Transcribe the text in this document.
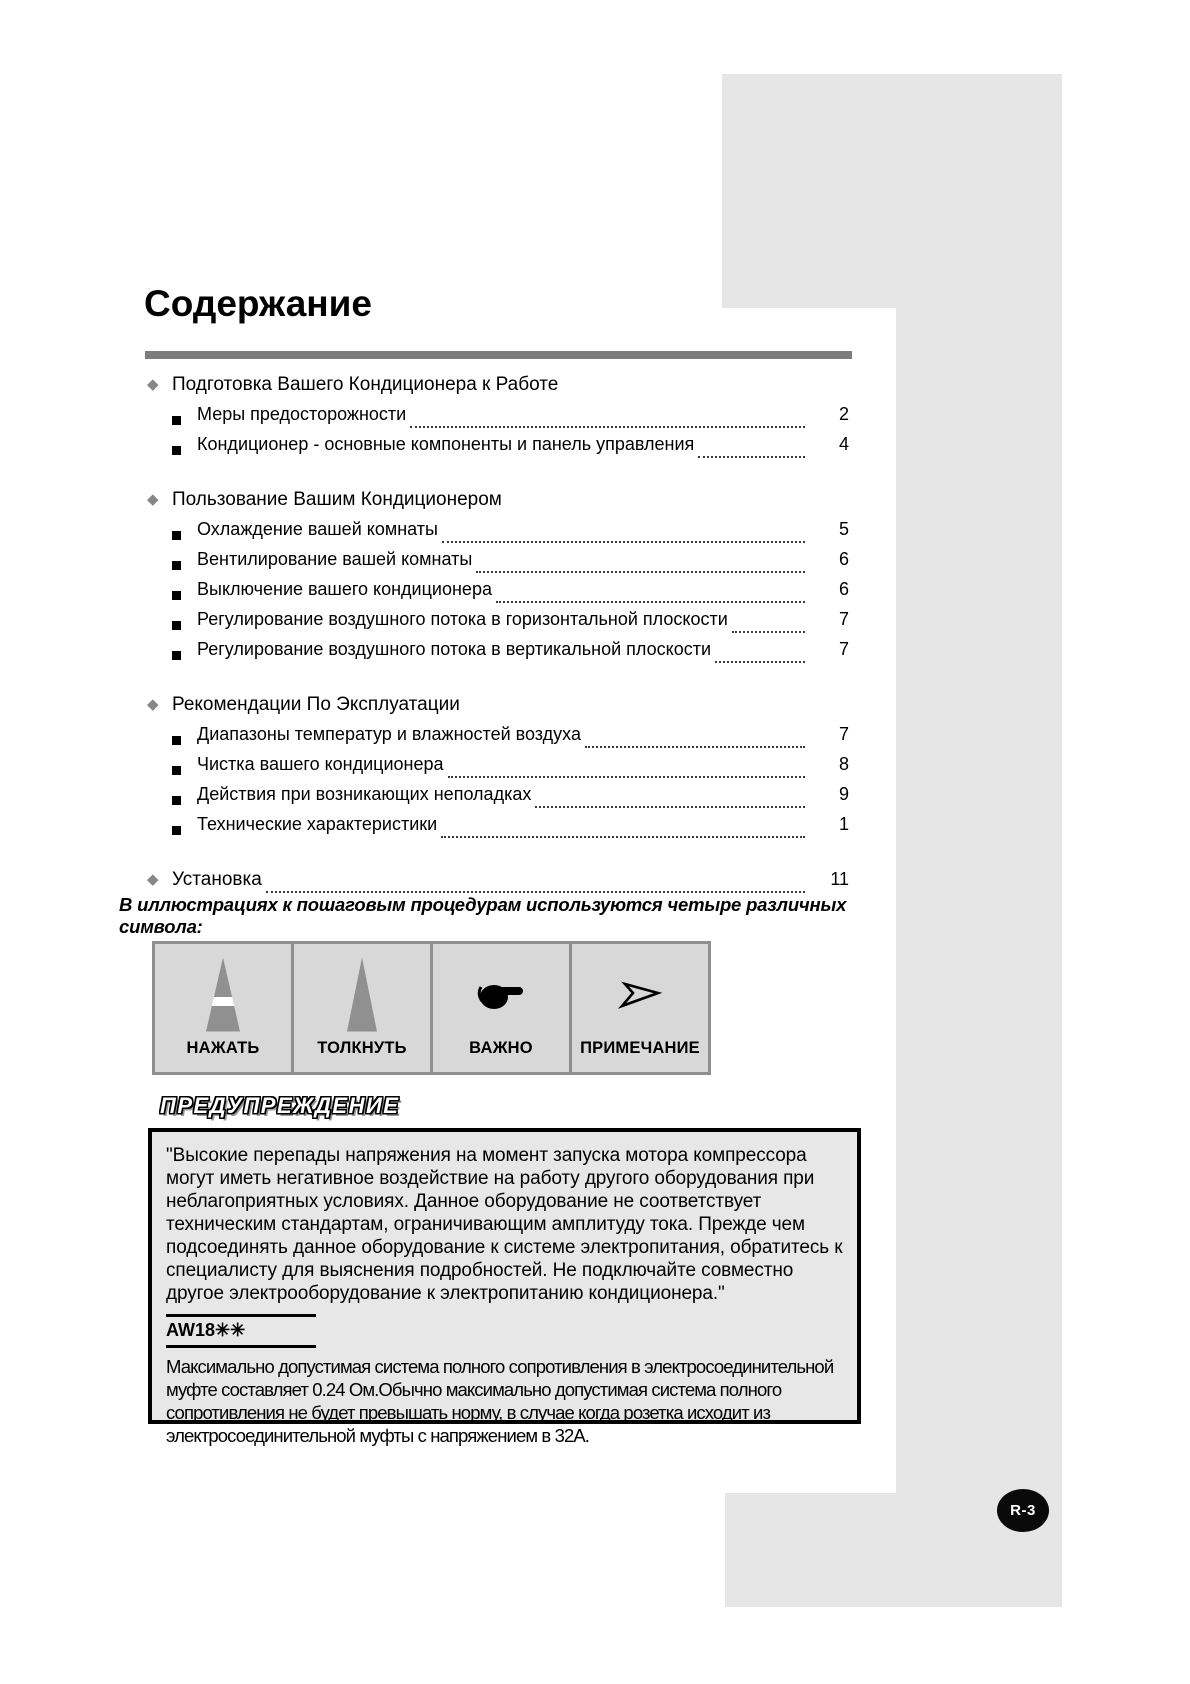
Содержание
◆ Подготовка Вашего Кондиционера к Работе
Меры предосторожности	2
Кондиционер - основные компоненты и панель управления	4
◆ Пользование Вашим Кондиционером
Охлаждение вашей комнаты	5
Вентилирование вашей комнаты	6
Выключение вашего кондиционера	6
Регулирование воздушного потока в горизонтальной плоскости	7
Регулирование воздушного потока в вертикальной плоскости	7
◆ Рекомендации По Эксплуатации
Диапазоны температур и влажностей воздуха	7
Чистка вашего кондиционера	8
Действия при возникающих неполадках	9
Технические характеристики	1
◆ Установка	11
В иллюстрациях к пошаговым процедурам используются четыре различных символа:
НАЖАТЬ	ТОЛКНУТЬ	ВАЖНО	ПРИМЕЧАНИЕ
ПРЕДУПРЕЖДЕНИЕ

"Высокие перепады напряжения на момент запуска мотора компрессора могут иметь негативное воздействие на работу другого оборудования при неблагоприятных условиях. Данное оборудование не соответствует техническим стандартам, ограничивающим амплитуду тока. Прежде чем подсоединять данное оборудование к системе электропитания, обратитесь к специалисту для выяснения подробностей. Не подключайте совместно другое электрооборудование к электропитанию кондиционера."

AW18✳✳

Максимально допустимая система полного сопротивления в электросоединительной муфте составляет 0.24 Ом.Обычно максимально допустимая система полного сопротивления не будет превышать норму, в случае когда розетка исходит из электросоединительной муфты с напряжением в 32А.

R-3
